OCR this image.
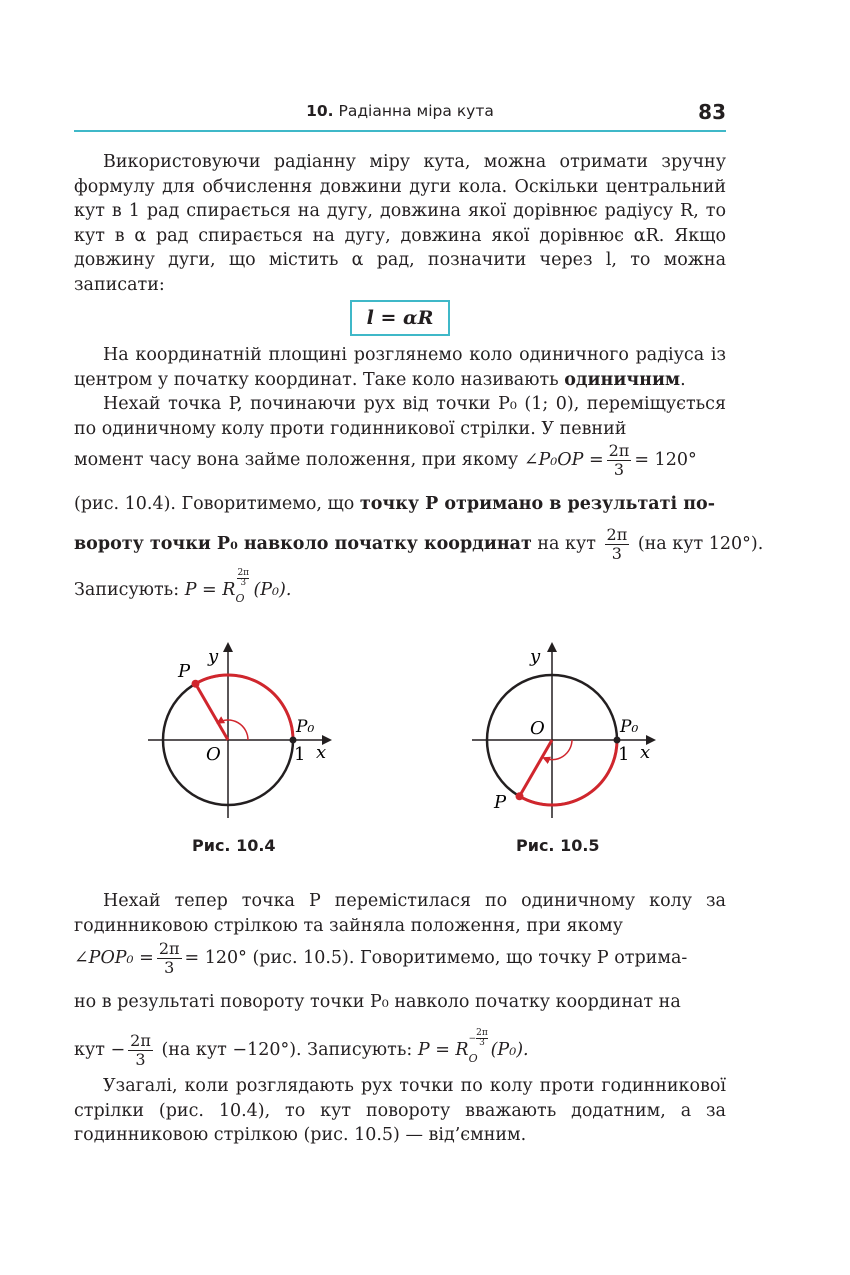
10. Радіанна міра кута	83

Використовуючи радіанну міру кута, можна отримати зручну формулу для обчислення довжини дуги кола. Оскільки центральний кут в 1 рад спирається на дугу, довжина якої дорівнює радіусу R, то кут в α рад спирається на дугу, довжина якої дорівнює αR. Якщо довжину дуги, що містить α рад, позначити через l, то можна записати:

l = αR

На координатній площині розглянемо коло одиничного радіуса із центром у початку координат. Таке коло називають одиничним.

Нехай точка P, починаючи рух від точки P₀ (1; 0), переміщується по одиничному колу проти годинникової стрілки. У певний

момент часу вона займе положення, при якому ∠P₀OP = $\frac{2\pi}{3} = 120^\circ$
(рис. 10.4). Говоритимемо, що точку P отримано в результаті по-
вороту точки P₀ навколо початку координат на кут $\frac{2\pi}{3} (на$ кут 120°).
Записують: P = R O
$\frac{2\pi}{3}$
(P₀).
y
x
O
P
P₀
1
Рис. 10.4
y
x
O
P
P₀
1
Рис. 10.5

Нехай тепер точка P перемістилася по одиничному колу за годинниковою стрілкою та зайняла положення, при якому

∠POP₀ = $\frac{2\pi}{3} = 120^\circ$ (рис. 10.5). Говоритимемо, що точку P отрима-
но в результаті повороту точки P₀ навколо початку координат на
кут − $\frac{2\pi}{3} (на$ кут −120°). Записують: P = R O
− $\frac{2\pi}{3}$
(P₀).

Узагалі, коли розглядають рух точки по колу проти годинникової стрілки (рис. 10.4), то кут повороту вважають додатним, а за годинниковою стрілкою (рис. 10.5) — від’ємним.
